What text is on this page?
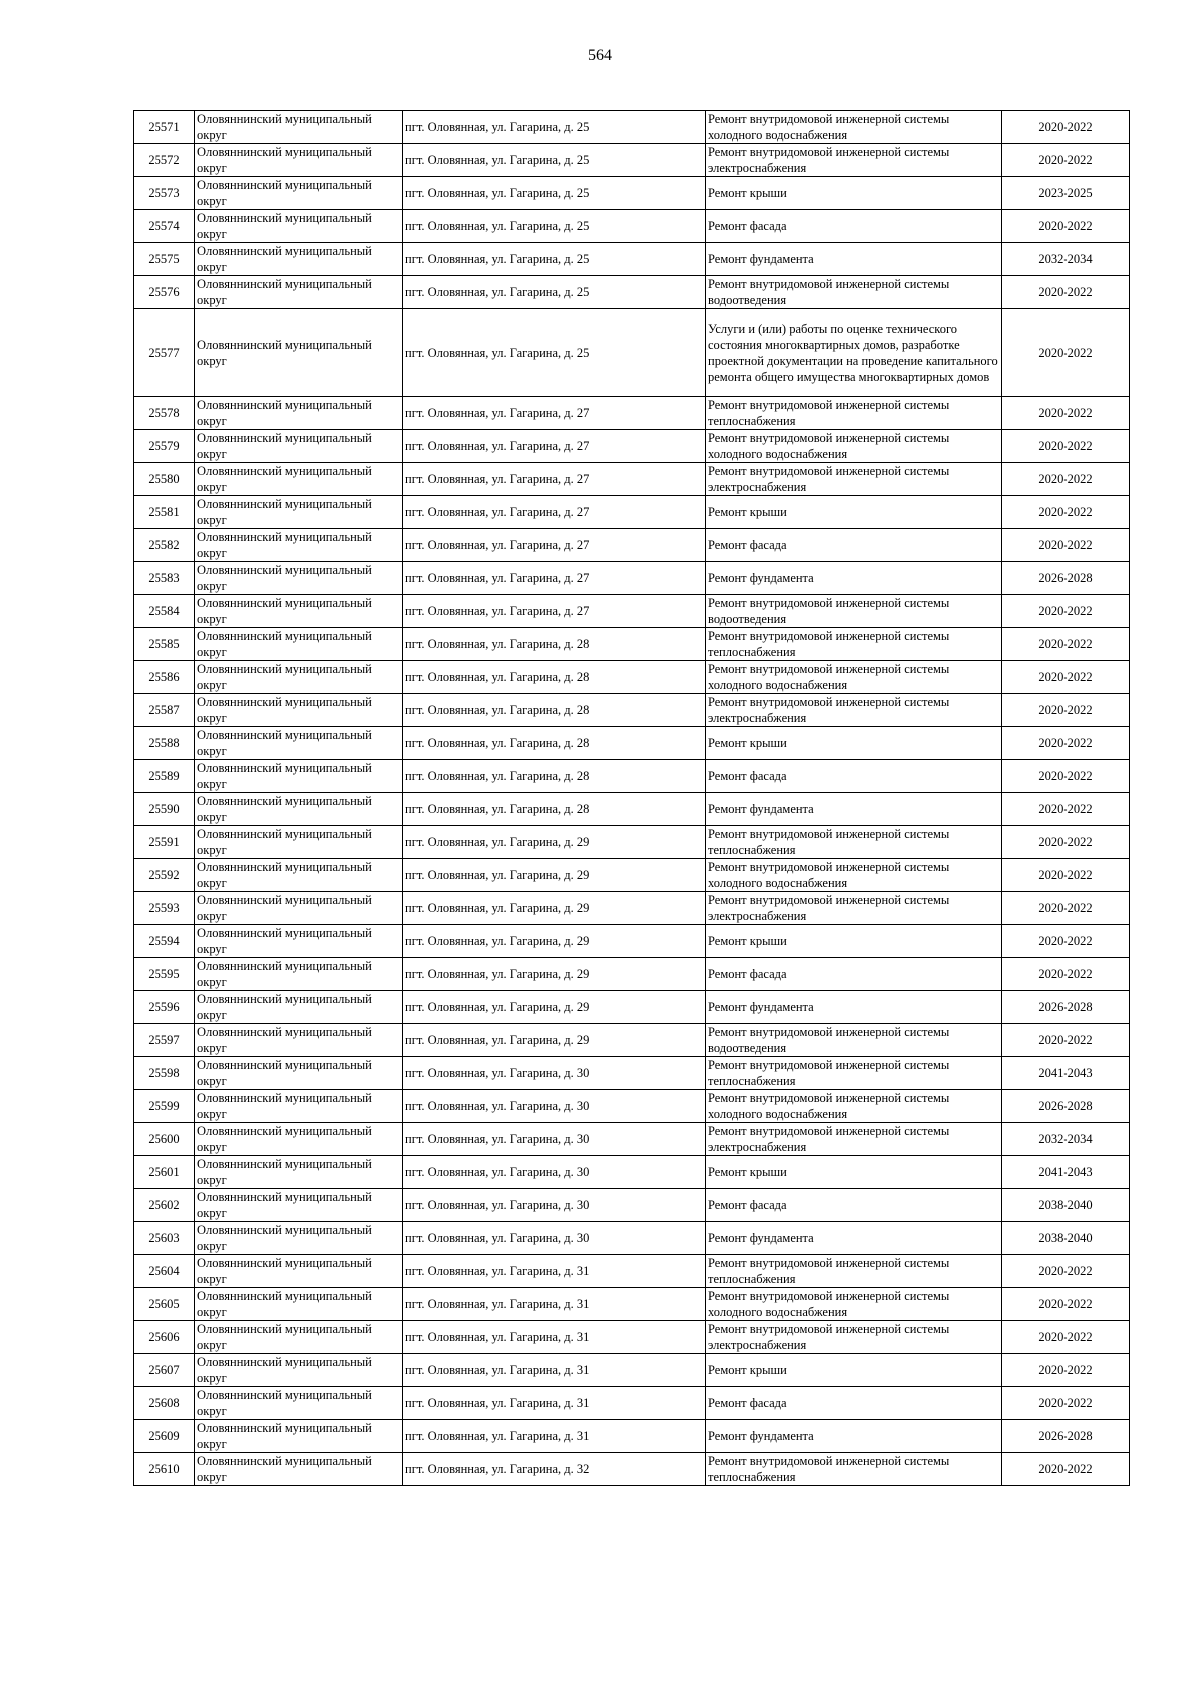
564
25571	Оловяннинский муниципальный округ	пгт. Оловянная, ул. Гагарина, д. 25	Ремонт внутридомовой инженерной системы холодного водоснабжения	2020-2022
25572	Оловяннинский муниципальный округ	пгт. Оловянная, ул. Гагарина, д. 25	Ремонт внутридомовой инженерной системы электроснабжения	2020-2022
25573	Оловяннинский муниципальный округ	пгт. Оловянная, ул. Гагарина, д. 25	Ремонт крыши	2023-2025
25574	Оловяннинский муниципальный округ	пгт. Оловянная, ул. Гагарина, д. 25	Ремонт фасада	2020-2022
25575	Оловяннинский муниципальный округ	пгт. Оловянная, ул. Гагарина, д. 25	Ремонт фундамента	2032-2034
25576	Оловяннинский муниципальный округ	пгт. Оловянная, ул. Гагарина, д. 25	Ремонт внутридомовой инженерной системы водоотведения	2020-2022
25577	Оловяннинский муниципальный округ	пгт. Оловянная, ул. Гагарина, д. 25	Услуги и (или) работы по оценке технического состояния многоквартирных домов, разработке проектной документации на проведение капитального ремонта общего имущества многоквартирных домов	2020-2022
25578	Оловяннинский муниципальный округ	пгт. Оловянная, ул. Гагарина, д. 27	Ремонт внутридомовой инженерной системы теплоснабжения	2020-2022
25579	Оловяннинский муниципальный округ	пгт. Оловянная, ул. Гагарина, д. 27	Ремонт внутридомовой инженерной системы холодного водоснабжения	2020-2022
25580	Оловяннинский муниципальный округ	пгт. Оловянная, ул. Гагарина, д. 27	Ремонт внутридомовой инженерной системы электроснабжения	2020-2022
25581	Оловяннинский муниципальный округ	пгт. Оловянная, ул. Гагарина, д. 27	Ремонт крыши	2020-2022
25582	Оловяннинский муниципальный округ	пгт. Оловянная, ул. Гагарина, д. 27	Ремонт фасада	2020-2022
25583	Оловяннинский муниципальный округ	пгт. Оловянная, ул. Гагарина, д. 27	Ремонт фундамента	2026-2028
25584	Оловяннинский муниципальный округ	пгт. Оловянная, ул. Гагарина, д. 27	Ремонт внутридомовой инженерной системы водоотведения	2020-2022
25585	Оловяннинский муниципальный округ	пгт. Оловянная, ул. Гагарина, д. 28	Ремонт внутридомовой инженерной системы теплоснабжения	2020-2022
25586	Оловяннинский муниципальный округ	пгт. Оловянная, ул. Гагарина, д. 28	Ремонт внутридомовой инженерной системы холодного водоснабжения	2020-2022
25587	Оловяннинский муниципальный округ	пгт. Оловянная, ул. Гагарина, д. 28	Ремонт внутридомовой инженерной системы электроснабжения	2020-2022
25588	Оловяннинский муниципальный округ	пгт. Оловянная, ул. Гагарина, д. 28	Ремонт крыши	2020-2022
25589	Оловяннинский муниципальный округ	пгт. Оловянная, ул. Гагарина, д. 28	Ремонт фасада	2020-2022
25590	Оловяннинский муниципальный округ	пгт. Оловянная, ул. Гагарина, д. 28	Ремонт фундамента	2020-2022
25591	Оловяннинский муниципальный округ	пгт. Оловянная, ул. Гагарина, д. 29	Ремонт внутридомовой инженерной системы теплоснабжения	2020-2022
25592	Оловяннинский муниципальный округ	пгт. Оловянная, ул. Гагарина, д. 29	Ремонт внутридомовой инженерной системы холодного водоснабжения	2020-2022
25593	Оловяннинский муниципальный округ	пгт. Оловянная, ул. Гагарина, д. 29	Ремонт внутридомовой инженерной системы электроснабжения	2020-2022
25594	Оловяннинский муниципальный округ	пгт. Оловянная, ул. Гагарина, д. 29	Ремонт крыши	2020-2022
25595	Оловяннинский муниципальный округ	пгт. Оловянная, ул. Гагарина, д. 29	Ремонт фасада	2020-2022
25596	Оловяннинский муниципальный округ	пгт. Оловянная, ул. Гагарина, д. 29	Ремонт фундамента	2026-2028
25597	Оловяннинский муниципальный округ	пгт. Оловянная, ул. Гагарина, д. 29	Ремонт внутридомовой инженерной системы водоотведения	2020-2022
25598	Оловяннинский муниципальный округ	пгт. Оловянная, ул. Гагарина, д. 30	Ремонт внутридомовой инженерной системы теплоснабжения	2041-2043
25599	Оловяннинский муниципальный округ	пгт. Оловянная, ул. Гагарина, д. 30	Ремонт внутридомовой инженерной системы холодного водоснабжения	2026-2028
25600	Оловяннинский муниципальный округ	пгт. Оловянная, ул. Гагарина, д. 30	Ремонт внутридомовой инженерной системы электроснабжения	2032-2034
25601	Оловяннинский муниципальный округ	пгт. Оловянная, ул. Гагарина, д. 30	Ремонт крыши	2041-2043
25602	Оловяннинский муниципальный округ	пгт. Оловянная, ул. Гагарина, д. 30	Ремонт фасада	2038-2040
25603	Оловяннинский муниципальный округ	пгт. Оловянная, ул. Гагарина, д. 30	Ремонт фундамента	2038-2040
25604	Оловяннинский муниципальный округ	пгт. Оловянная, ул. Гагарина, д. 31	Ремонт внутридомовой инженерной системы теплоснабжения	2020-2022
25605	Оловяннинский муниципальный округ	пгт. Оловянная, ул. Гагарина, д. 31	Ремонт внутридомовой инженерной системы холодного водоснабжения	2020-2022
25606	Оловяннинский муниципальный округ	пгт. Оловянная, ул. Гагарина, д. 31	Ремонт внутридомовой инженерной системы электроснабжения	2020-2022
25607	Оловяннинский муниципальный округ	пгт. Оловянная, ул. Гагарина, д. 31	Ремонт крыши	2020-2022
25608	Оловяннинский муниципальный округ	пгт. Оловянная, ул. Гагарина, д. 31	Ремонт фасада	2020-2022
25609	Оловяннинский муниципальный округ	пгт. Оловянная, ул. Гагарина, д. 31	Ремонт фундамента	2026-2028
25610	Оловяннинский муниципальный округ	пгт. Оловянная, ул. Гагарина, д. 32	Ремонт внутридомовой инженерной системы теплоснабжения	2020-2022
